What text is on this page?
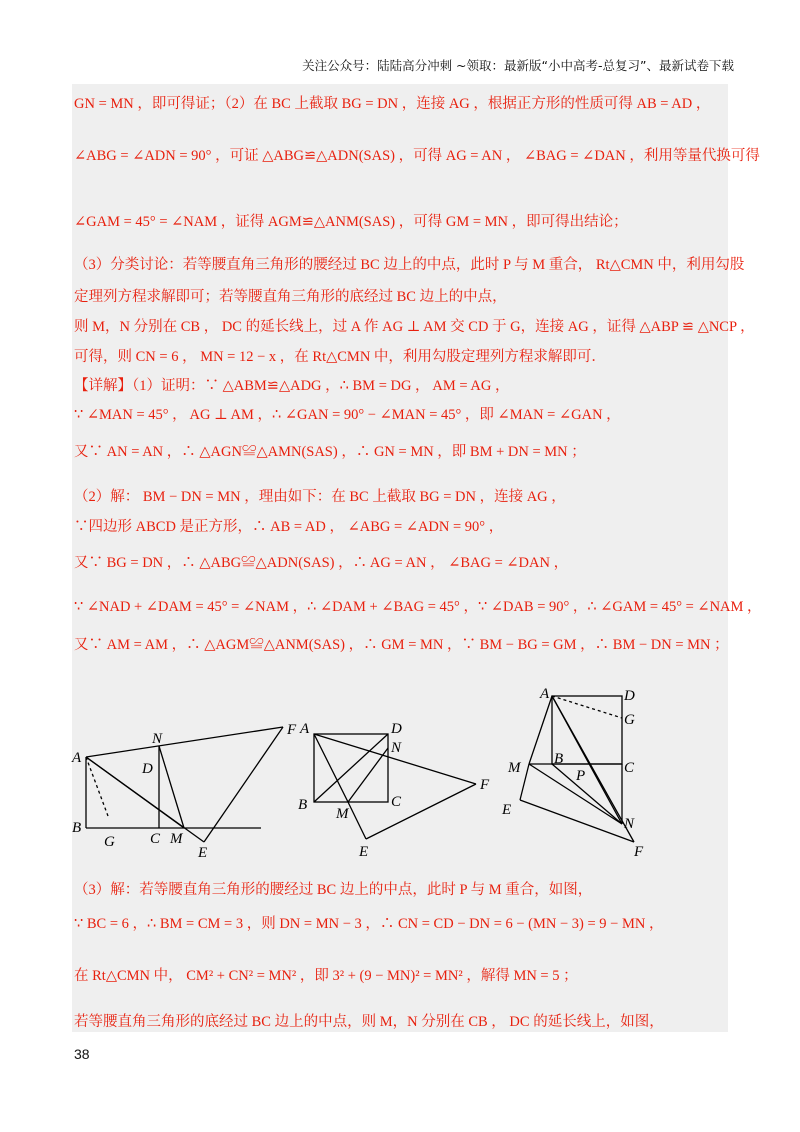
关注公众号：陆陆高分冲刺 ~领取：最新版“小中高考-总复习”、最新试卷下载
GN = MN ，即可得证；（2）在 BC 上截取 BG = DN ，连接 AG ，根据正方形的性质可得 AB = AD ，
∠ABG = ∠ADN = 90° ，可证 △ABG≌△ADN(SAS) ，可得 AG = AN ， ∠BAG = ∠DAN ，利用等量代换可得
∠GAM = 45° = ∠NAM ，证得 AGM≌△ANM(SAS) ，可得 GM = MN ，即可得出结论；
（3）分类讨论：若等腰直角三角形的腰经过 BC 边上的中点，此时 P 与 M 重合， Rt△CMN 中，利用勾股
定理列方程求解即可；若等腰直角三角形的底经过 BC 边上的中点，
则 M，N 分别在 CB ， DC 的延长线上，过 A 作 AG ⊥ AM 交 CD 于 G，连接 AG ，证得 △ABP ≌ △NCP ，
可得，则 CN = 6 ， MN = 12 − x ，在 Rt△CMN 中，利用勾股定理列方程求解即可．
【详解】（1）证明：∵ △ABM≌△ADG ，∴ BM = DG ， AM = AG ，
∵ ∠MAN = 45° ， AG ⊥ AM ，∴ ∠GAN = 90° − ∠MAN = 45° ，即 ∠MAN = ∠GAN ，
又∵ AN = AN ，∴ △AGN≌△AMN(SAS) ，∴ GN = MN ，即 BM + DN = MN ；
（2）解： BM − DN = MN ，理由如下：在 BC 上截取 BG = DN ，连接 AG ，
∵四边形 ABCD 是正方形，∴ AB = AD ， ∠ABG = ∠ADN = 90° ，
又∵ BG = DN ，∴ △ABG≌△ADN(SAS) ，∴ AG = AN ， ∠BAG = ∠DAN ，
∵ ∠NAD + ∠DAM = 45° = ∠NAM ，∴ ∠DAM + ∠BAG = 45° ，∵ ∠DAB = 90° ，∴ ∠GAM = 45° = ∠NAM ，
又∵ AM = AM ，∴ △AGM≌△ANM(SAS) ，∴ GM = MN ，∵ BM − BG = GM ，∴ BM − DN = MN ；
A
B
G C M
E
D
N
F A	D
N
B	C
M
E
F
A	D
G
B
M	P	C
E
N
F
（3）解：若等腰直角三角形的腰经过 BC 边上的中点，此时 P 与 M 重合，如图，
∵ BC = 6 ，∴ BM = CM = 3 ，则 DN = MN − 3 ，∴ CN = CD − DN = 6 − (MN − 3) = 9 − MN ，
在 Rt△CMN 中， CM² + CN² = MN² ，即 3² + (9 − MN)² = MN² ，解得 MN = 5 ；
若等腰直角三角形的底经过 BC 边上的中点，则 M，N 分别在 CB ， DC 的延长线上，如图，
38
